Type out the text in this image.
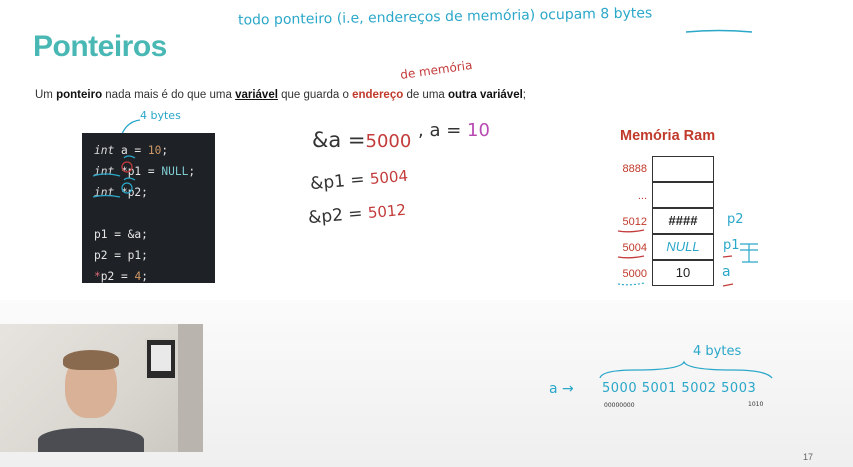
Ponteiros
todo ponteiro (i.e, endereços de memória) ocupam 8 bytes
de memória
Um ponteiro nada mais é do que uma variável que guarda o endereço de uma outra variável;
4 bytes
int a = 10;
int *p1 = NULL;
int *p2;
p1 = &a;
p2 = p1;
*p2 = 4;
&a =5000
, a = 10
&p1 = 5004
&p2 = 5012
Memória Ram
8888
...
5012	####	p2
5004	NULL	p1
5000	10	a
4 bytes
a → 5000 5001 5002 5003
00000000	1010
17
